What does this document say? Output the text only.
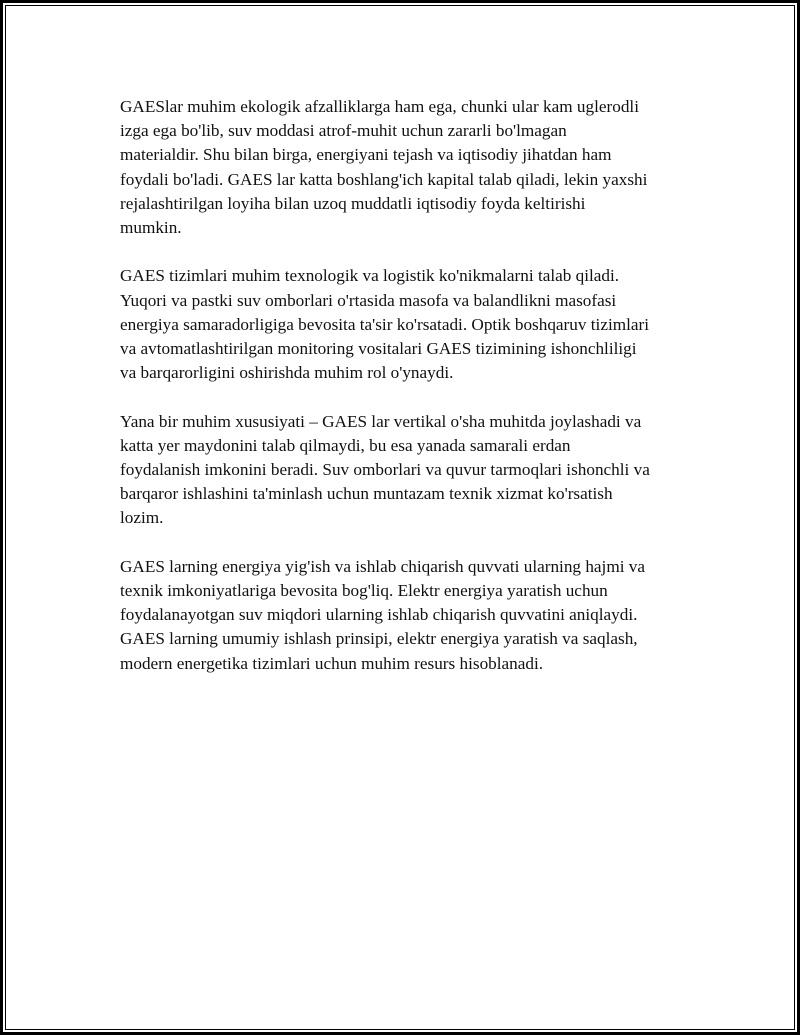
GAESlar muhim ekologik afzalliklarga ham ega, chunki ular kam uglerodli
izga ega bo'lib, suv moddasi atrof-muhit uchun zararli bo'lmagan
materialdir. Shu bilan birga, energiyani tejash va iqtisodiy jihatdan ham
foydali bo'ladi. GAES lar katta boshlang'ich kapital talab qiladi, lekin yaxshi
rejalashtirilgan loyiha bilan uzoq muddatli iqtisodiy foyda keltirishi
mumkin.

GAES tizimlari muhim texnologik va logistik ko'nikmalarni talab qiladi.
Yuqori va pastki suv omborlari o'rtasida masofa va balandlikni masofasi
energiya samaradorligiga bevosita ta'sir ko'rsatadi. Optik boshqaruv tizimlari
va avtomatlashtirilgan monitoring vositalari GAES tizimining ishonchliligi
va barqarorligini oshirishda muhim rol o'ynaydi.

Yana bir muhim xususiyati – GAES lar vertikal o'sha muhitda joylashadi va
katta yer maydonini talab qilmaydi, bu esa yanada samarali erdan
foydalanish imkonini beradi. Suv omborlari va quvur tarmoqlari ishonchli va
barqaror ishlashini ta'minlash uchun muntazam texnik xizmat ko'rsatish
lozim.

GAES larning energiya yig'ish va ishlab chiqarish quvvati ularning hajmi va
texnik imkoniyatlariga bevosita bog'liq. Elektr energiya yaratish uchun
foydalanayotgan suv miqdori ularning ishlab chiqarish quvvatini aniqlaydi.
GAES larning umumiy ishlash prinsipi, elektr energiya yaratish va saqlash,
modern energetika tizimlari uchun muhim resurs hisoblanadi.
